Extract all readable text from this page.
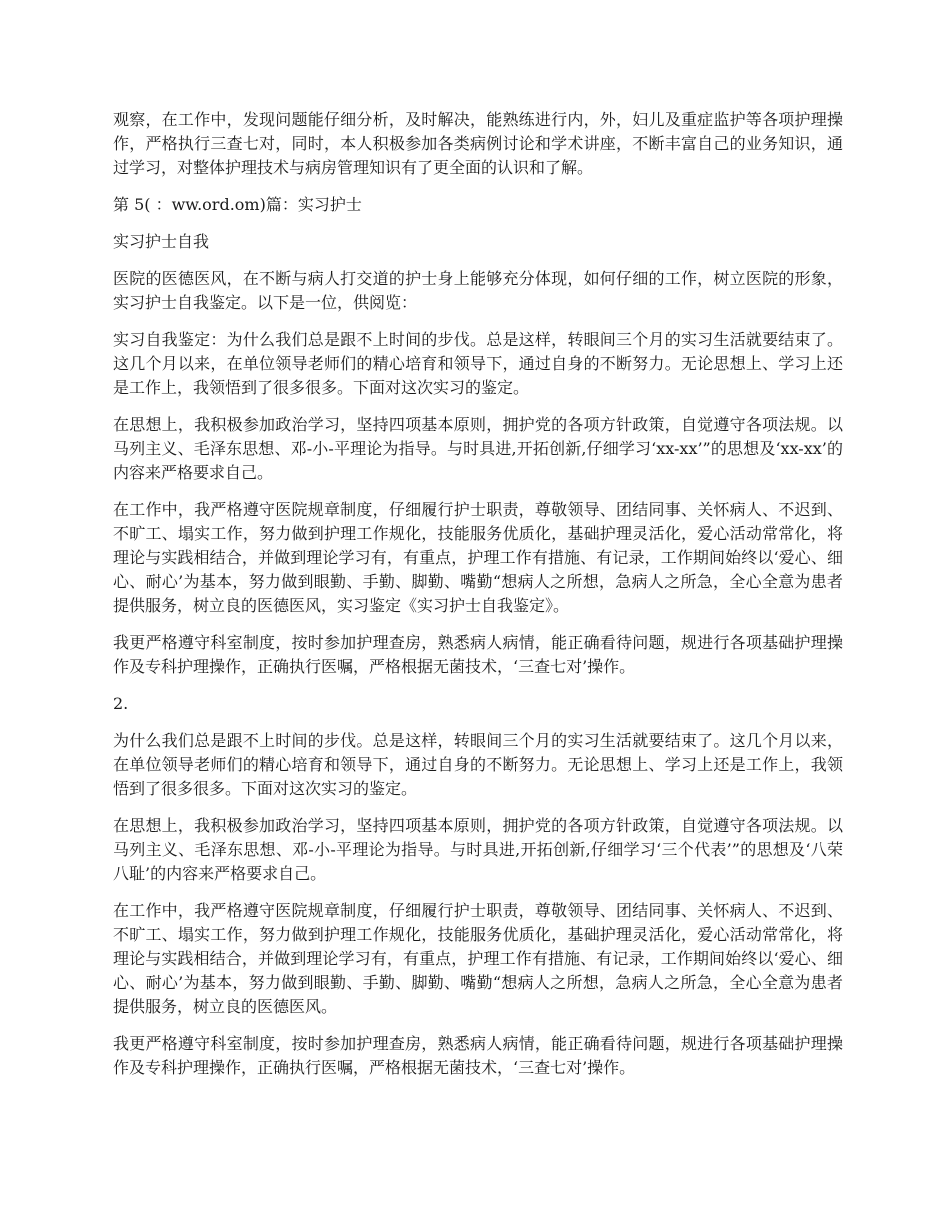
观察，在工作中，发现问题能仔细分析，及时解决，能熟练进行内，外，妇儿及重症监护等各项护理操作，严格执行三查七对，同时，本人积极参加各类病例讨论和学术讲座，不断丰富自己的业务知识，通过学习，对整体护理技术与病房管理知识有了更全面的认识和了解。

第 5( ：ww.ord.om)篇：实习护士

实习护士自我

医院的医德医风，在不断与病人打交道的护士身上能够充分体现，如何仔细的工作，树立医院的形象，实习护士自我鉴定。以下是一位，供阅览：

实习自我鉴定：为什么我们总是跟不上时间的步伐。总是这样，转眼间三个月的实习生活就要结束了。这几个月以来，在单位领导老师们的精心培育和领导下，通过自身的不断努力。无论思想上、学习上还是工作上，我领悟到了很多很多。下面对这次实习的鉴定。

在思想上，我积极参加政治学习，坚持四项基本原则，拥护党的各项方针政策，自觉遵守各项法规。以马列主义、毛泽东思想、邓-小-平理论为指导。与时具进,开拓创新,仔细学习‘xx-xx’”的思想及‘xx-xx’的内容来严格要求自己。

在工作中，我严格遵守医院规章制度，仔细履行护士职责，尊敬领导、团结同事、关怀病人、不迟到、不旷工、塌实工作，努力做到护理工作规化，技能服务优质化，基础护理灵活化，爱心活动常常化，将理论与实践相结合，并做到理论学习有，有重点，护理工作有措施、有记录，工作期间始终以‘爱心、细心、耐心’为基本，努力做到眼勤、手勤、脚勤、嘴勤“想病人之所想，急病人之所急，全心全意为患者提供服务，树立良的医德医风，实习鉴定《实习护士自我鉴定》。

我更严格遵守科室制度，按时参加护理查房，熟悉病人病情，能正确看待问题，规进行各项基础护理操作及专科护理操作，正确执行医嘱，严格根据无菌技术，‘三查七对’操作。

2.

为什么我们总是跟不上时间的步伐。总是这样，转眼间三个月的实习生活就要结束了。这几个月以来，在单位领导老师们的精心培育和领导下，通过自身的不断努力。无论思想上、学习上还是工作上，我领悟到了很多很多。下面对这次实习的鉴定。

在思想上，我积极参加政治学习，坚持四项基本原则，拥护党的各项方针政策，自觉遵守各项法规。以马列主义、毛泽东思想、邓-小-平理论为指导。与时具进,开拓创新,仔细学习‘三个代表’”的思想及‘八荣八耻’的内容来严格要求自己。

在工作中，我严格遵守医院规章制度，仔细履行护士职责，尊敬领导、团结同事、关怀病人、不迟到、不旷工、塌实工作，努力做到护理工作规化，技能服务优质化，基础护理灵活化，爱心活动常常化，将理论与实践相结合，并做到理论学习有，有重点，护理工作有措施、有记录，工作期间始终以‘爱心、细心、耐心’为基本，努力做到眼勤、手勤、脚勤、嘴勤“想病人之所想，急病人之所急，全心全意为患者提供服务，树立良的医德医风。

我更严格遵守科室制度，按时参加护理查房，熟悉病人病情，能正确看待问题，规进行各项基础护理操作及专科护理操作，正确执行医嘱，严格根据无菌技术，‘三查七对’操作。
